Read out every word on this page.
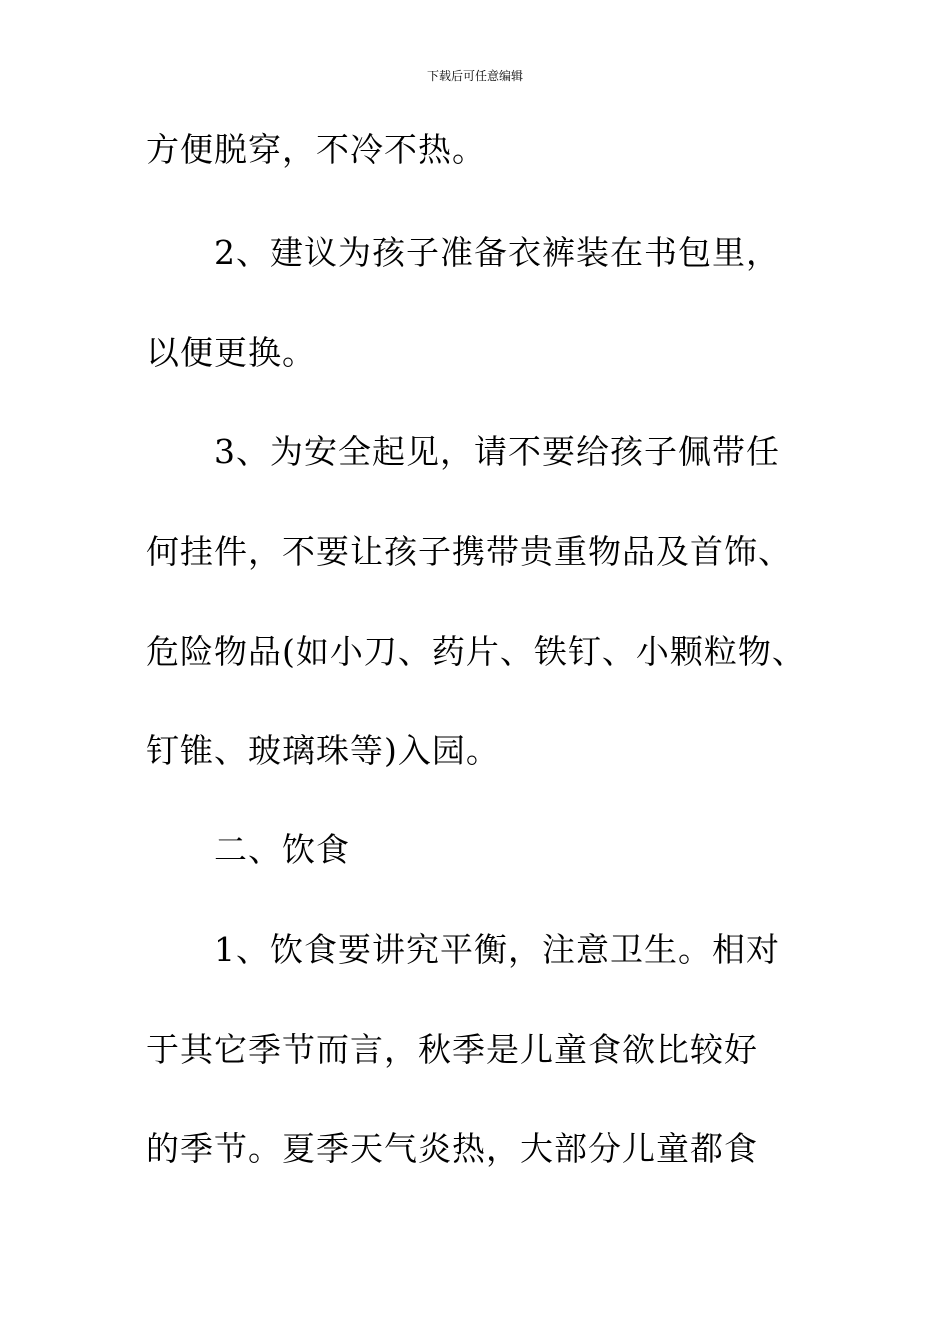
下载后可任意编辑
方便脱穿，不冷不热。
2、建议为孩子准备衣裤装在书包里，
以便更换。
3、为安全起见，请不要给孩子佩带任
何挂件，不要让孩子携带贵重物品及首饰、
危险物品(如小刀、药片、铁钉、小颗粒物、
钉锥、玻璃珠等)入园。
二、饮食
1、饮食要讲究平衡，注意卫生。相对
于其它季节而言，秋季是儿童食欲比较好
的季节。夏季天气炎热，大部分儿童都食
